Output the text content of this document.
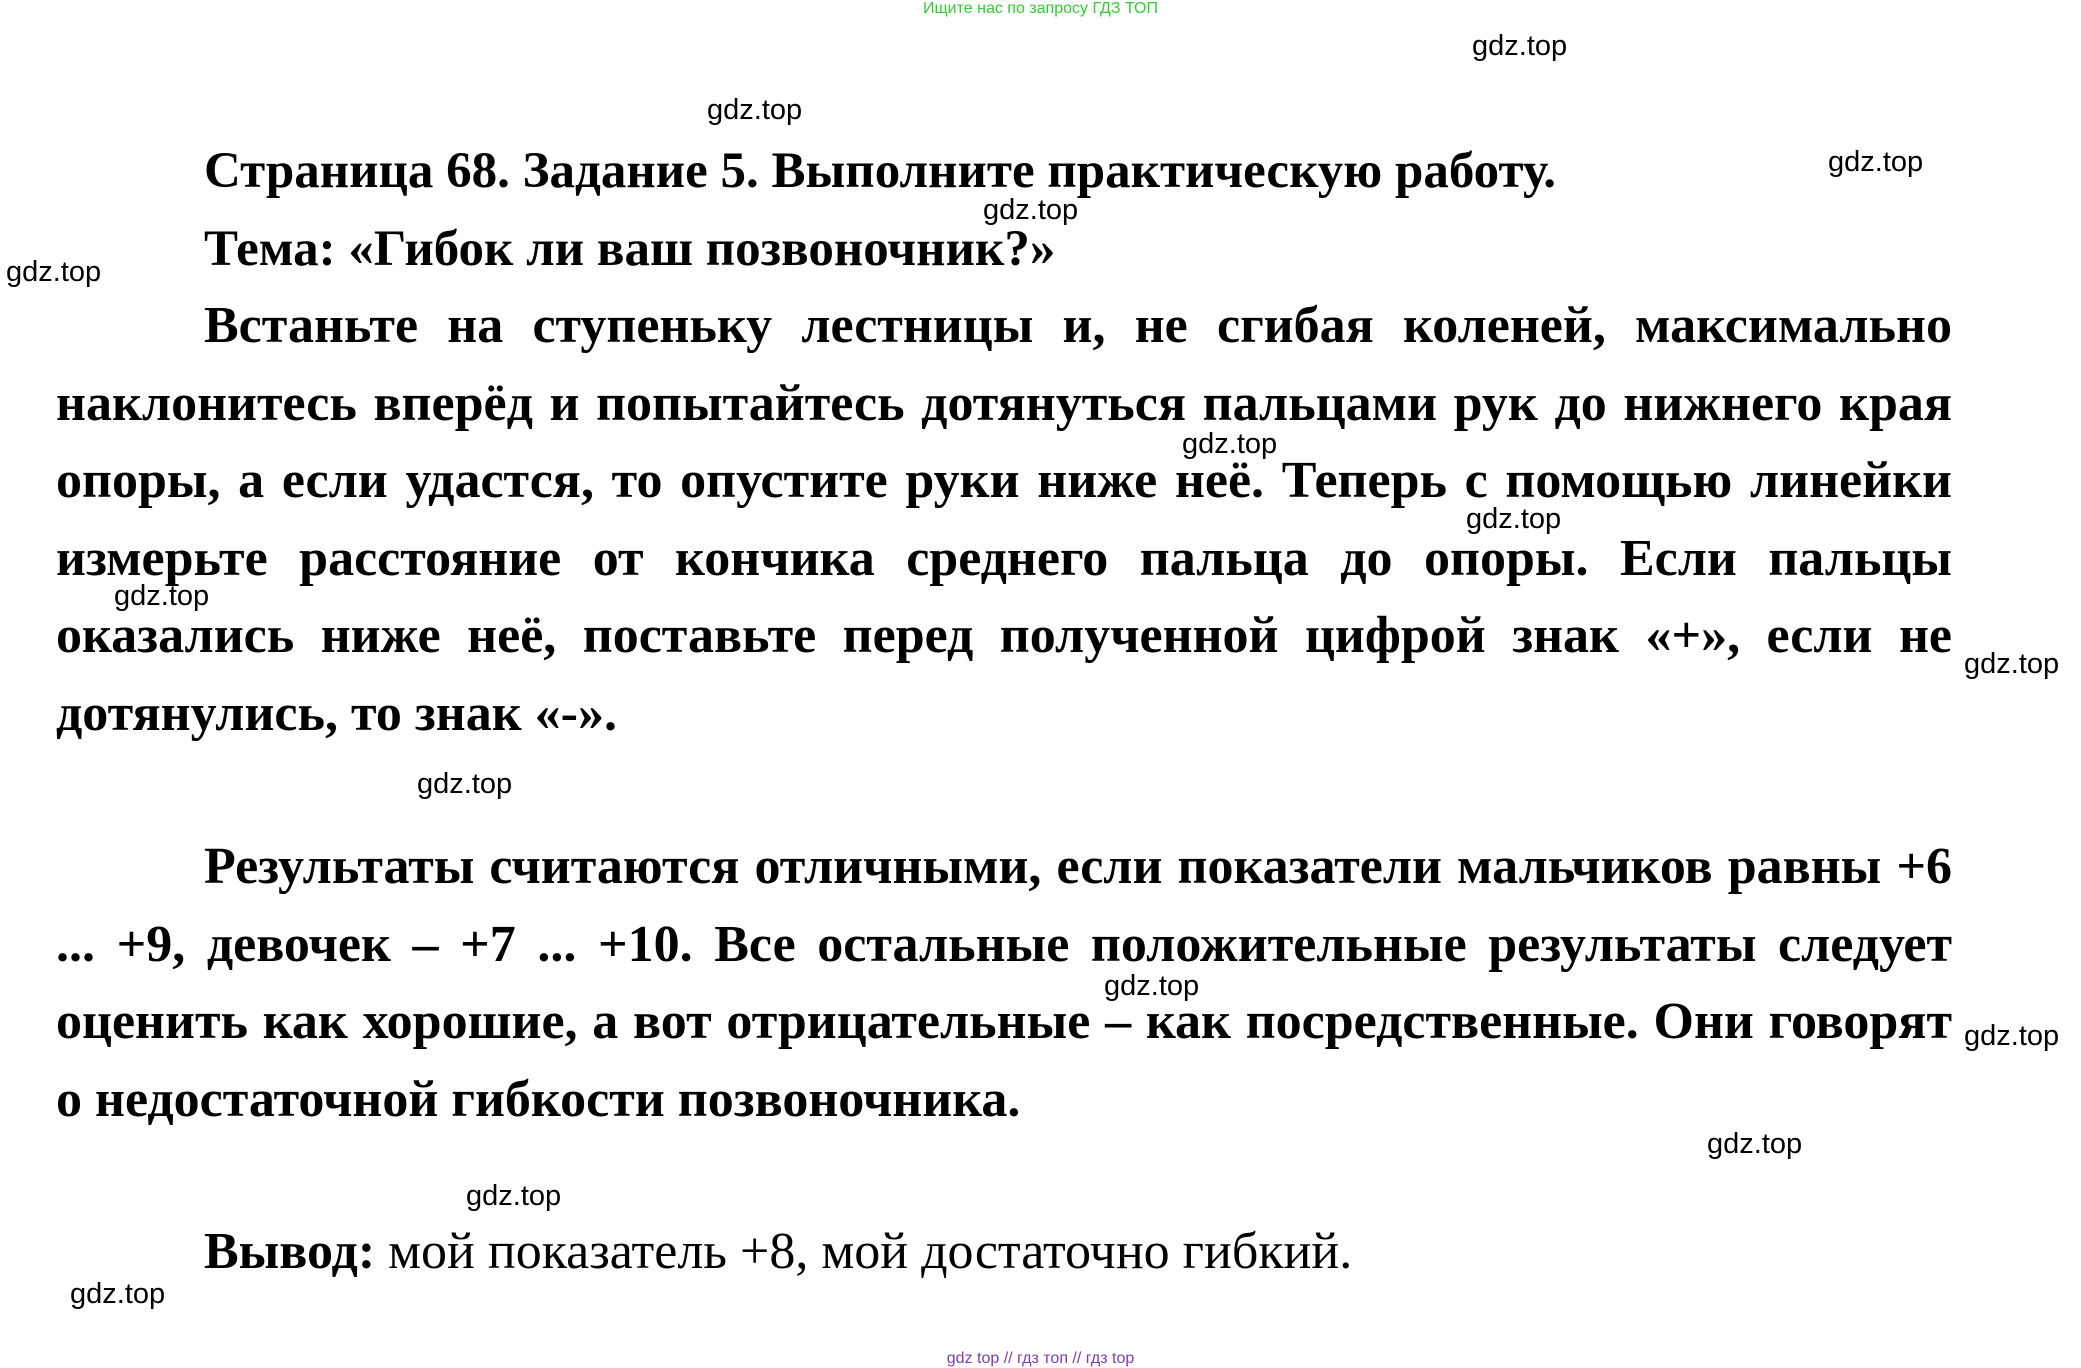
Ищите нас по запросу ГДЗ ТОП
Страница 68. Задание 5. Выполните практическую работу.
Тема: «Гибок ли ваш позвоночник?»

Встаньте на ступеньку лестницы и, не сгибая коленей, максимально наклонитесь вперёд и попытайтесь дотянуться пальцами рук до нижнего края опоры, а если удастся, то опустите руки ниже неё. Теперь с помощью линейки измерьте расстояние от кончика среднего пальца до опоры. Если пальцы оказались ниже неё, поставьте перед полученной цифрой знак «+», если не дотянулись, то знак «-».

Результаты считаются отличными, если показатели мальчиков равны +6 ... +9, девочек – +7 ... +10. Все остальные положительные результаты следует оценить как хорошие, а вот отрицательные – как посредственные. Они говорят о недостаточной гибкости позвоночника.

Вывод: мой показатель +8, мой достаточно гибкий.
gdz.top
gdz.top
gdz.top
gdz.top
gdz.top
gdz.top
gdz.top
gdz.top
gdz.top
gdz.top
gdz.top
gdz.top
gdz.top
gdz.top
gdz.top
gdz top // гдз топ // гдз top
